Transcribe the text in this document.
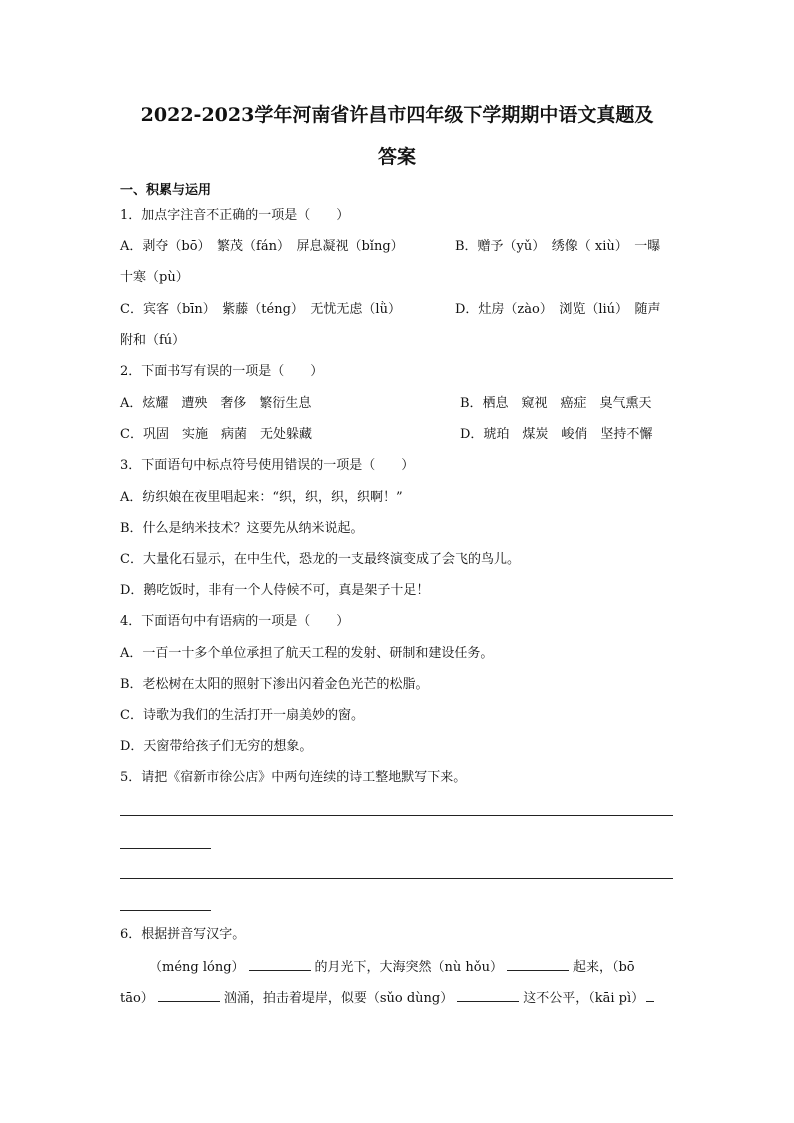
2022-2023学年河南省许昌市四年级下学期期中语文真题及
答案

一、积累与运用

1．加点字注音不正确的一项是（　　）

A．剥夺（bō）　繁茂（fán）　屏息凝视（bǐng）	B．赠予（yǔ）　绣像（ xiù）　一曝

十寒（pù）

C．宾客（bīn）　紫藤（téng）　无忧无虑（lǜ）	D．灶房（zào）　浏览（liú）　随声

附和（fú）

2．下面书写有误的一项是（　　）

A．炫耀　遭殃　奢侈　繁衍生息	B．栖息　窥视　癌症　臭气熏天

C．巩固　实施　病菌　无处躲藏	D．琥珀　煤炭　峻俏　坚持不懈

3．下面语句中标点符号使用错误的一项是（　　）

A．纺织娘在夜里唱起来：“织，织，织，织啊！”

B．什么是纳米技术？这要先从纳米说起。

C．大量化石显示，在中生代，恐龙的一支最终演变成了会飞的鸟儿。

D．鹅吃饭时，非有一个人侍候不可，真是架子十足！

4．下面语句中有语病的一项是（　　）

A．一百一十多个单位承担了航天工程的发射、研制和建设任务。

B．老松树在太阳的照射下渗出闪着金色光芒的松脂。

C．诗歌为我们的生活打开一扇美妙的窗。

D．天窗带给孩子们无穷的想象。

5．请把《宿新市徐公店》中两句连续的诗工整地默写下来。

6．根据拼音写汉字。

（méng lóng）	的月光下，大海突然（nù hǒu）	起来，（bō

tāo）	汹涌，拍击着堤岸，似要（sǔo dùng）	这不公平，（kāi pì）
